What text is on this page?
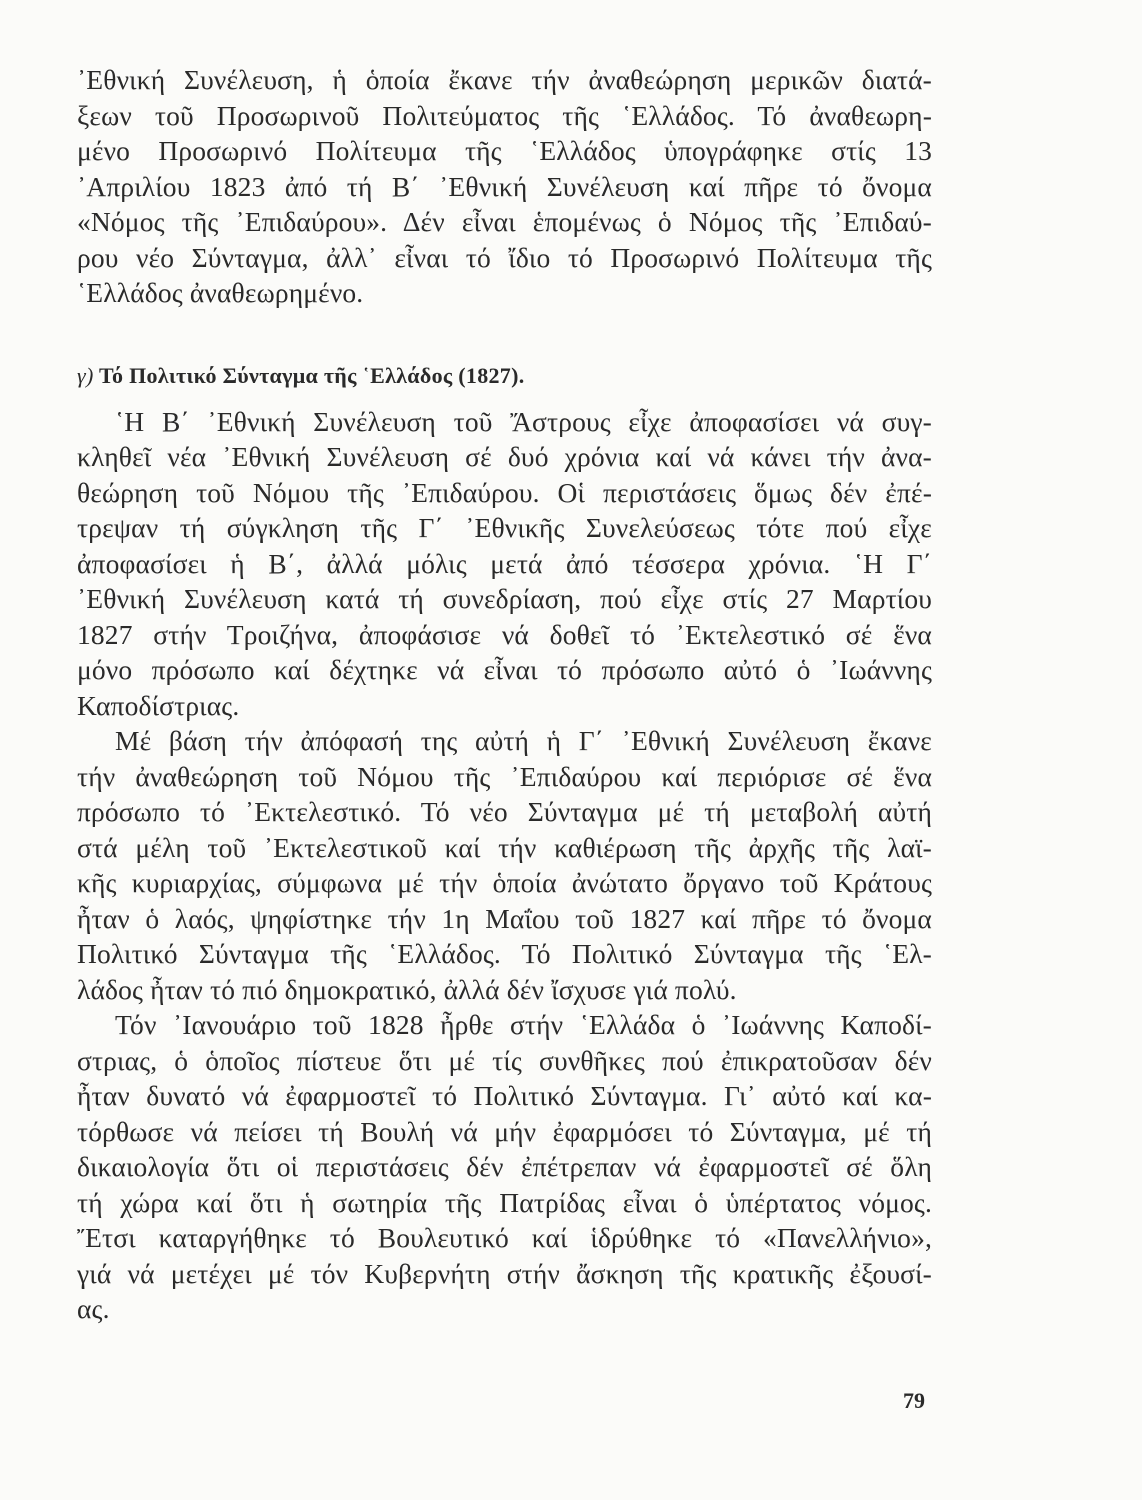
᾿Εθνική Συνέλευση, ἡ ὁποία ἔκανε τήν ἀναθεώρηση μερικῶν διατά-
ξεων τοῦ Προσωρινοῦ Πολιτεύματος τῆς ῾Ελλάδος. Τό ἀναθεωρη-
μένο Προσωρινό Πολίτευμα τῆς ῾Ελλάδος ὑπογράφηκε στίς 13
᾿Απριλίου 1823 ἀπό τή Β΄ ᾿Εθνική Συνέλευση καί πῆρε τό ὄνομα
«Νόμος τῆς ᾿Επιδαύρου». Δέν εἶναι ἑπομένως ὁ Νόμος τῆς ᾿Επιδαύ-
ρου νέο Σύνταγμα, ἀλλ᾿ εἶναι τό ἴδιο τό Προσωρινό Πολίτευμα τῆς
῾Ελλάδος ἀναθεωρημένο.
γ) Τό Πολιτικό Σύνταγμα τῆς ῾Ελλάδος (1827).
῾Η Β΄ ᾿Εθνική Συνέλευση τοῦ Ἄστρους εἶχε ἀποφασίσει νά συγ-
κληθεῖ νέα ᾿Εθνική Συνέλευση σέ δυό χρόνια καί νά κάνει τήν ἀνα-
θεώρηση τοῦ Νόμου τῆς ᾿Επιδαύρου. Οἱ περιστάσεις ὅμως δέν ἐπέ-
τρεψαν τή σύγκληση τῆς Γ΄ ᾿Εθνικῆς Συνελεύσεως τότε πού εἶχε
ἀποφασίσει ἡ Β΄, ἀλλά μόλις μετά ἀπό τέσσερα χρόνια. ῾Η Γ΄
᾿Εθνική Συνέλευση κατά τή συνεδρίαση, πού εἶχε στίς 27 Μαρτίου
1827 στήν Τροιζήνα, ἀποφάσισε νά δοθεῖ τό ᾿Εκτελεστικό σέ ἕνα
μόνο πρόσωπο καί δέχτηκε νά εἶναι τό πρόσωπο αὐτό ὁ ᾿Ιωάννης
Καποδίστριας.
Μέ βάση τήν ἀπόφασή της αὐτή ἡ Γ΄ ᾿Εθνική Συνέλευση ἔκανε
τήν ἀναθεώρηση τοῦ Νόμου τῆς ᾿Επιδαύρου καί περιόρισε σέ ἕνα
πρόσωπο τό ᾿Εκτελεστικό. Τό νέο Σύνταγμα μέ τή μεταβολή αὐτή
στά μέλη τοῦ ᾿Εκτελεστικοῦ καί τήν καθιέρωση τῆς ἀρχῆς τῆς λαϊ-
κῆς κυριαρχίας, σύμφωνα μέ τήν ὁποία ἀνώτατο ὄργανο τοῦ Κράτους
ἦταν ὁ λαός, ψηφίστηκε τήν 1η Μαΐου τοῦ 1827 καί πῆρε τό ὄνομα
Πολιτικό Σύνταγμα τῆς ῾Ελλάδος. Τό Πολιτικό Σύνταγμα τῆς ῾Ελ-
λάδος ἦταν τό πιό δημοκρατικό, ἀλλά δέν ἴσχυσε γιά πολύ.
Τόν ᾿Ιανουάριο τοῦ 1828 ἦρθε στήν ῾Ελλάδα ὁ ᾿Ιωάννης Καποδί-
στριας, ὁ ὁποῖος πίστευε ὅτι μέ τίς συνθῆκες πού ἐπικρατοῦσαν δέν
ἦταν δυνατό νά ἐφαρμοστεῖ τό Πολιτικό Σύνταγμα. Γι᾿ αὐτό καί κα-
τόρθωσε νά πείσει τή Βουλή νά μήν ἐφαρμόσει τό Σύνταγμα, μέ τή
δικαιολογία ὅτι οἱ περιστάσεις δέν ἐπέτρεπαν νά ἐφαρμοστεῖ σέ ὅλη
τή χώρα καί ὅτι ἡ σωτηρία τῆς Πατρίδας εἶναι ὁ ὑπέρτατος νόμος.
Ἔτσι καταργήθηκε τό Βουλευτικό καί ἱδρύθηκε τό «Πανελλήνιο»,
γιά νά μετέχει μέ τόν Κυβερνήτη στήν ἄσκηση τῆς κρατικῆς ἐξουσί-
ας.
79
